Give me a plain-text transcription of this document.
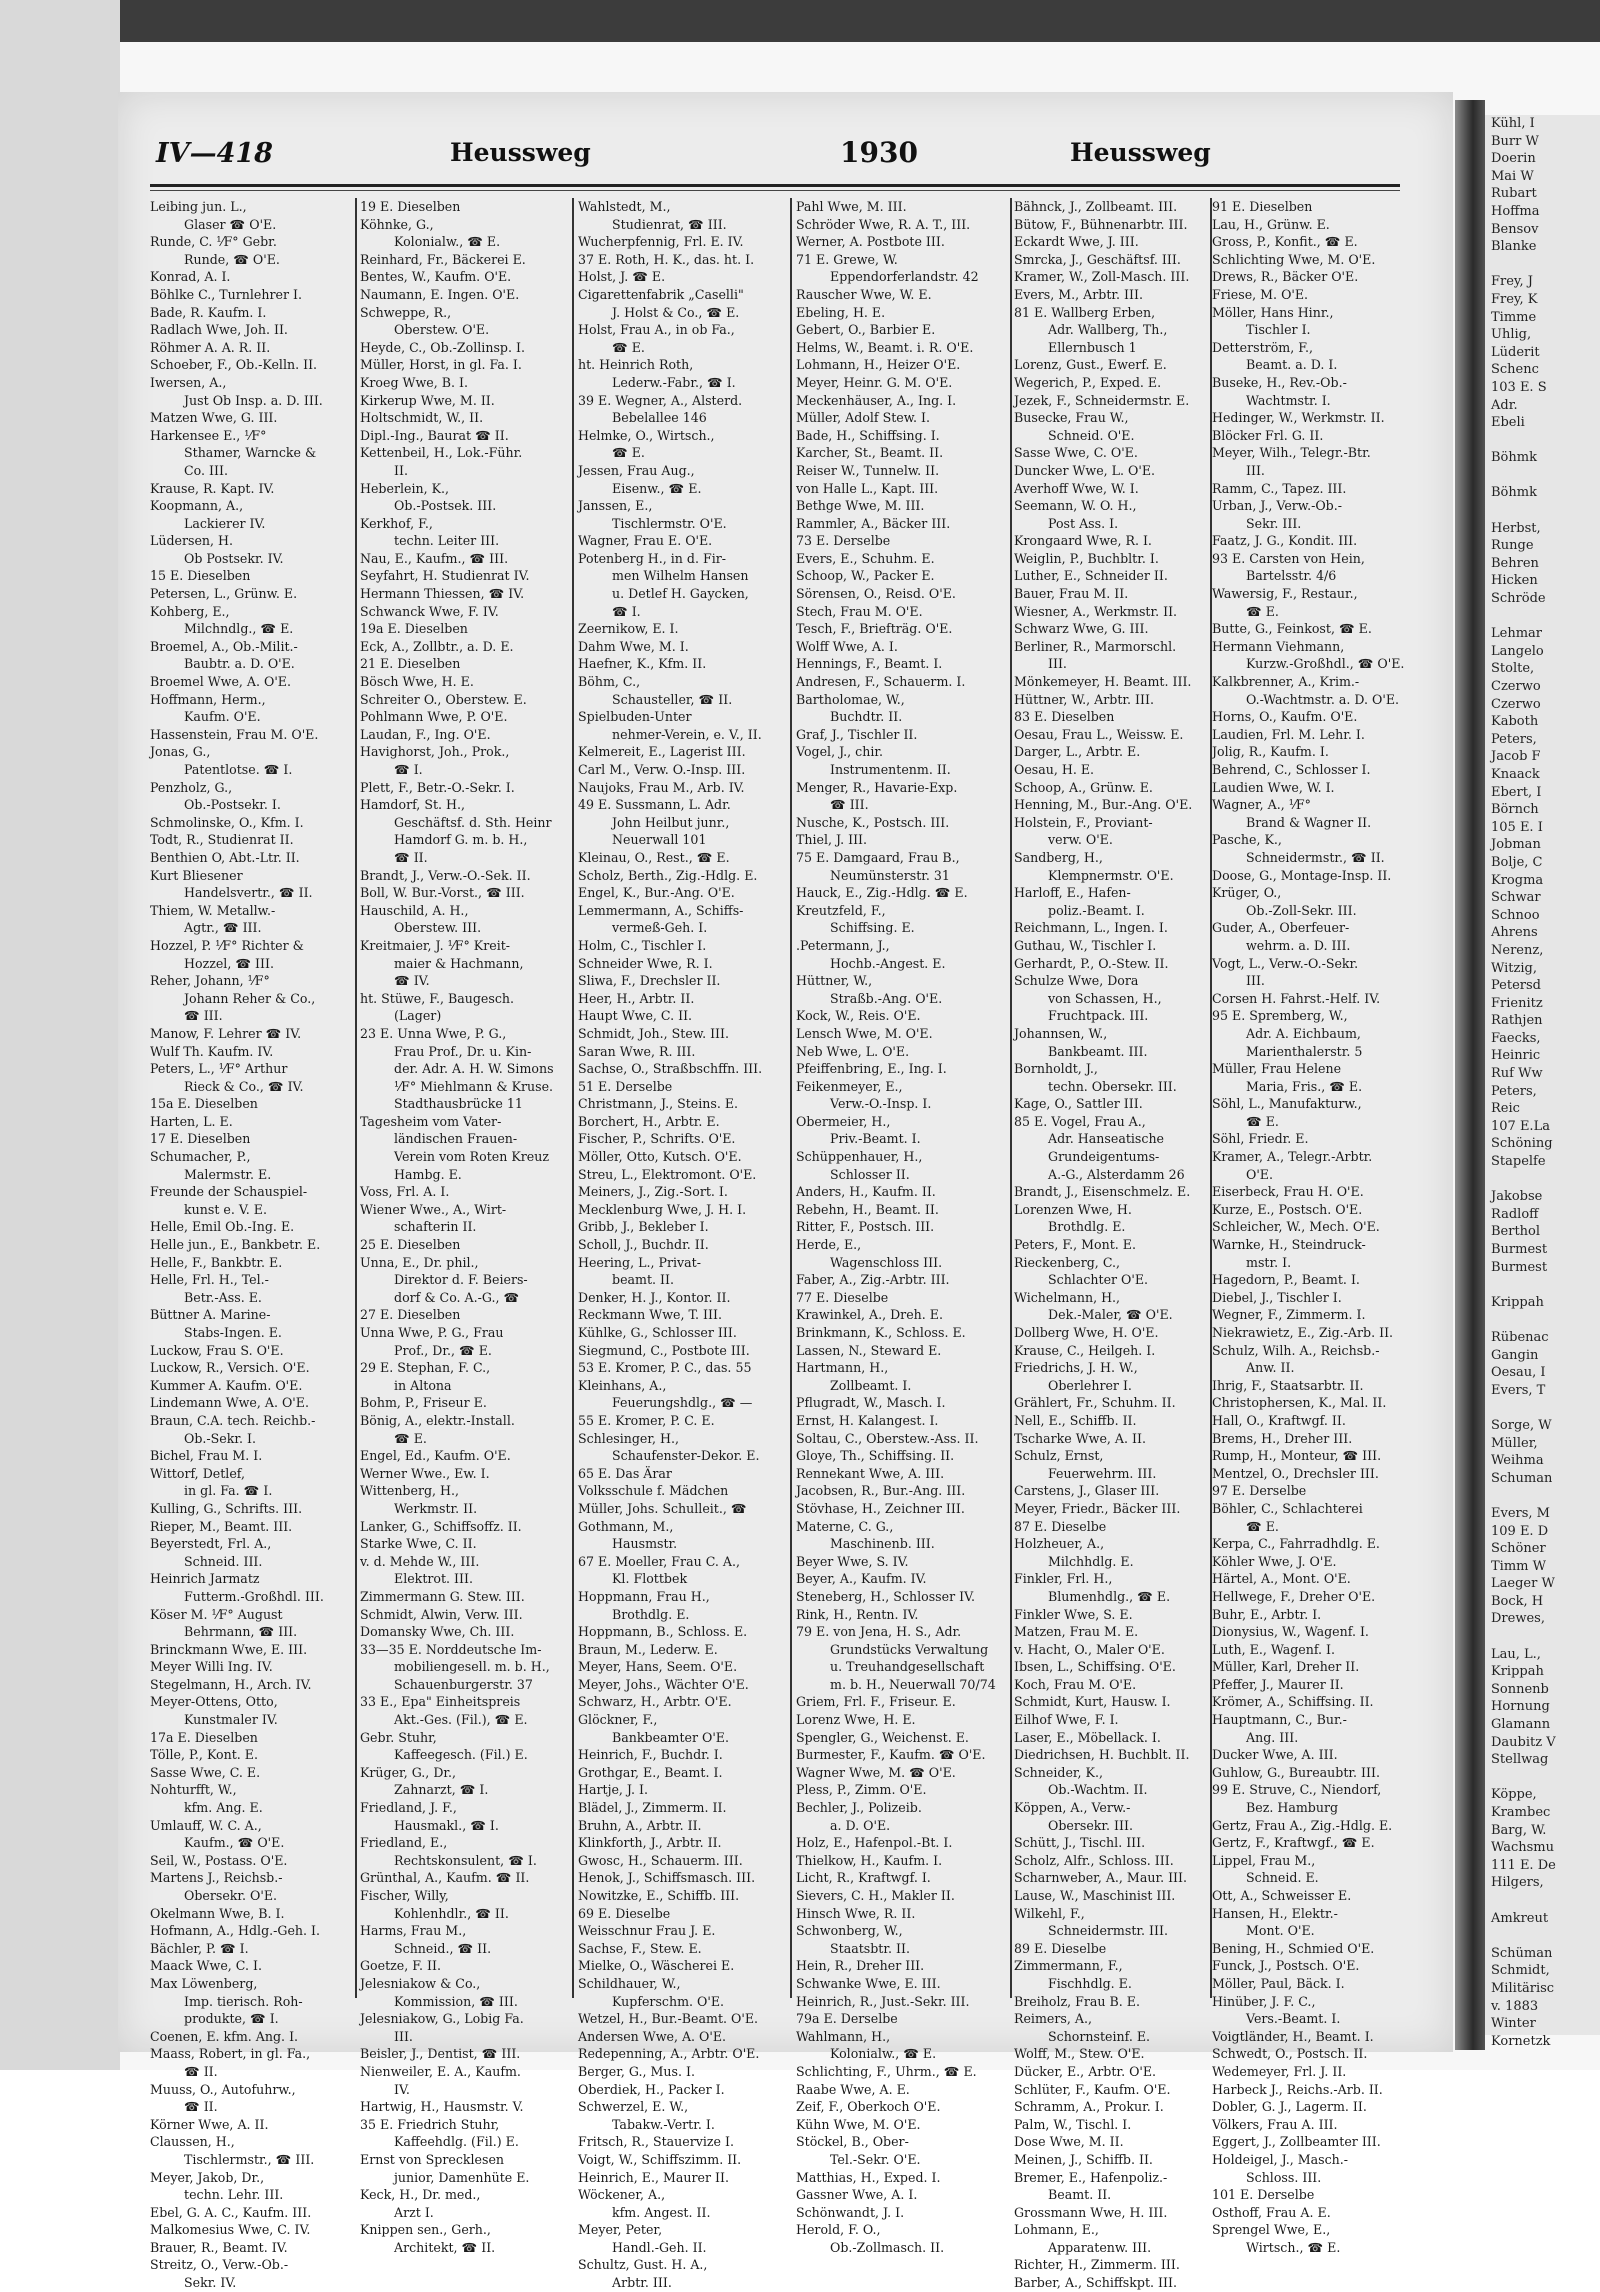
Kühl, I
Burr W
Doerin
Mai W
Rubart
Hoffma
Bensov
Blanke

Frey, J
Frey, K
Timme
Uhlig,
Lüderit
Schenc
103 E. S
Adr.
Ebeli

Böhmk

Böhmk

Herbst,
Runge
Behren
Hicken
Schröde

Lehmar
Langelo
Stolte,
Czerwo
Czerwo
Kaboth
Peters,
Jacob F
Knaack
Ebert, I
Börnch
105 E. I
Jobman
Bolje, C
Krogma
Schwar
Schnoo
Ahrens
Nerenz,
Witzig,
Petersd
Frienitz
Rathjen
Faecks,
Heinric
Ruf Ww
Peters,
Reic
107 E.La
Schöning
Stapelfe

Jakobse
Radloff
Berthol
Burmest
Burmest

Krippah

Rübenac
Gangin
Oesau, I
Evers, T

Sorge, W
Müller,
Weihma
Schuman

Evers, M
109 E. D
Schöner
Timm W
Laeger W
Bock, H
Drewes,

Lau, L.,
Krippah
Sonnenb
Hornung
Glamann
Daubitz V
Stellwag

Köppe,
Krambec
Barg, W.
Wachsmu
111 E. De
Hilgers,

Amkreut

Schüman
Schmidt,
Militärisc
v. 1883
Winter
Kornetzk

IV—418	Heussweg	1930	Heussweg
Leibing jun. L.,
Glaser ☎ O'E.
Runde, C. ⅟F° Gebr.
Runde, ☎ O'E.
Konrad, A. I.
Böhlke C., Turnlehrer I.
Bade, R. Kaufm. I.
Radlach Wwe, Joh. II.
Röhmer A. A. R. II.
Schoeber, F., Ob.-Kelln. II.
Iwersen, A.,
Just Ob Insp. a. D. III.
Matzen Wwe, G. III.
Harkensee E., ⅟F°
Sthamer, Warncke &
Co. III.
Krause, R. Kapt. IV.
Koopmann, A.,
Lackierer IV.
Lüdersen, H.
Ob Postsekr. IV.
15 E. Dieselben
Petersen, L., Grünw. E.
Kohberg, E.,
Milchndlg., ☎ E.
Broemel, A., Ob.-Milit.-
Baubtr. a. D. O'E.
Broemel Wwe, A. O'E.
Hoffmann, Herm.,
Kaufm. O'E.
Hassenstein, Frau M. O'E.
Jonas, G.,
Patentlotse. ☎ I.
Penzholz, G.,
Ob.-Postsekr. I.
Schmolinske, O., Kfm. I.
Todt, R., Studienrat II.
Benthien O, Abt.-Ltr. II.
Kurt Bliesener
Handelsvertr., ☎ II.
Thiem, W. Metallw.-
Agtr., ☎ III.
Hozzel, P. ⅟F° Richter &
Hozzel, ☎ III.
Reher, Johann, ⅟F°
Johann Reher & Co.,
☎ III.
Manow, F. Lehrer ☎ IV.
Wulf Th. Kaufm. IV.
Peters, L., ⅟F° Arthur
Rieck & Co., ☎ IV.
15a E. Dieselben
Harten, L. E.
17 E. Dieselben
Schumacher, P.,
Malermstr. E.
Freunde der Schauspiel-
kunst e. V. E.
Helle, Emil Ob.-Ing. E.
Helle jun., E., Bankbetr. E.
Helle, F., Bankbtr. E.
Helle, Frl. H., Tel.-
Betr.-Ass. E.
Büttner A. Marine-
Stabs-Ingen. E.
Luckow, Frau S. O'E.
Luckow, R., Versich. O'E.
Kummer A. Kaufm. O'E.
Lindemann Wwe, A. O'E.
Braun, C.A. tech. Reichb.-
Ob.-Sekr. I.
Bichel, Frau M. I.
Wittorf, Detlef,
in gl. Fa. ☎ I.
Kulling, G., Schrifts. III.
Rieper, M., Beamt. III.
Beyerstedt, Frl. A.,
Schneid. III.
Heinrich Jarmatz
Futterm.-Großhdl. III.
Köser M. ⅟F° August
Behrmann, ☎ III.
Brinckmann Wwe, E. III.
Meyer Willi Ing. IV.
Stegelmann, H., Arch. IV.
Meyer-Ottens, Otto,
Kunstmaler IV.
17a E. Dieselben
Tölle, P., Kont. E.
Sasse Wwe, C. E.
Nohturfft, W.,
kfm. Ang. E.
Umlauff, W. C. A.,
Kaufm., ☎ O'E.
Seil, W., Postass. O'E.
Martens J., Reichsb.-
Obersekr. O'E.
Okelmann Wwe, B. I.
Hofmann, A., Hdlg.-Geh. I.
Bächler, P. ☎ I.
Maack Wwe, C. I.
Max Löwenberg,
Imp. tierisch. Roh-
produkte, ☎ I.
Coenen, E. kfm. Ang. I.
Maass, Robert, in gl. Fa.,
☎ II.
Muuss, O., Autofuhrw.,
☎ II.
Körner Wwe, A. II.
Claussen, H.,
Tischlermstr., ☎ III.
Meyer, Jakob, Dr.,
techn. Lehr. III.
Ebel, G. A. C., Kaufm. III.
Malkomesius Wwe, C. IV.
Brauer, R., Beamt. IV.
Streitz, O., Verw.-Ob.-
Sekr. IV.
19 E. Dieselben
Köhnke, G.,
Kolonialw., ☎ E.
Reinhard, Fr., Bäckerei E.
Bentes, W., Kaufm. O'E.
Naumann, E. Ingen. O'E.
Schweppe, R.,
Oberstew. O'E.
Heyde, C., Ob.-Zollinsp. I.
Müller, Horst, in gl. Fa. I.
Kroeg Wwe, B. I.
Kirkerup Wwe, M. II.
Holtschmidt, W., II.
Dipl.-Ing., Baurat ☎ II.
Kettenbeil, H., Lok.-Führ.
II.
Heberlein, K.,
Ob.-Postsek. III.
Kerkhof, F.,
techn. Leiter III.
Nau, E., Kaufm., ☎ III.
Seyfahrt, H. Studienrat IV.
Hermann Thiessen, ☎ IV.
Schwanck Wwe, F. IV.
19a E. Dieselben
Eck, A., Zollbtr., a. D. E.
21 E. Dieselben
Bösch Wwe, H. E.
Schreiter O., Oberstew. E.
Pohlmann Wwe, P. O'E.
Laudan, F., Ing. O'E.
Havighorst, Joh., Prok.,
☎ I.
Plett, F., Betr.-O.-Sekr. I.
Hamdorf, St. H.,
Geschäftsf. d. Sth. Heinr
Hamdorf G. m. b. H.,
☎ II.
Brandt, J., Verw.-O.-Sek. II.
Boll, W. Bur.-Vorst., ☎ III.
Hauschild, A. H.,
Oberstew. III.
Kreitmaier, J. ⅟F° Kreit-
maier & Hachmann,
☎ IV.
ht. Stüwe, F., Baugesch.
(Lager)
23 E. Unna Wwe, P. G.,
Frau Prof., Dr. u. Kin-
der. Adr. A. H. W. Simons
⅟F° Miehlmann & Kruse.
Stadthausbrücke 11
Tagesheim vom Vater-
ländischen Frauen-
Verein vom Roten Kreuz
Hambg. E.
Voss, Frl. A. I.
Wiener Wwe., A., Wirt-
schafterin II.
25 E. Dieselben
Unna, E., Dr. phil.,
Direktor d. F. Beiers-
dorf & Co. A.-G., ☎
27 E. Dieselben
Unna Wwe, P. G., Frau
Prof., Dr., ☎ E.
29 E. Stephan, F. C.,
in Altona
Bohm, P., Friseur E.
Bönig, A., elektr.-Install.
☎ E.
Engel, Ed., Kaufm. O'E.
Werner Wwe., Ew. I.
Wittenberg, H.,
Werkmstr. II.
Lanker, G., Schiffsoffz. II.
Starke Wwe, C. II.
v. d. Mehde W., III.
Elektrot. III.
Zimmermann G. Stew. III.
Schmidt, Alwin, Verw. III.
Domansky Wwe, Ch. III.
33—35 E. Norddeutsche Im-
mobiliengesell. m. b. H.,
Schauenburgerstr. 37
33 E., Epa" Einheitspreis
Akt.-Ges. (Fil.), ☎ E.
Gebr. Stuhr,
Kaffeegesch. (Fil.) E.
Krüger, G., Dr.,
Zahnarzt, ☎ I.
Friedland, J. F.,
Hausmakl., ☎ I.
Friedland, E.,
Rechtskonsulent, ☎ I.
Grünthal, A., Kaufm. ☎ II.
Fischer, Willy,
Kohlenhdlr., ☎ II.
Harms, Frau M.,
Schneid., ☎ II.
Goetze, F. II.
Jelesniakow & Co.,
Kommission, ☎ III.
Jelesniakow, G., Lobig Fa.
III.
Beisler, J., Dentist, ☎ III.
Nienweiler, E. A., Kaufm.
IV.
Hartwig, H., Hausmstr. V.
35 E. Friedrich Stuhr,
Kaffeehdlg. (Fil.) E.
Ernst von Sprecklesen
junior, Damenhüte E.
Keck, H., Dr. med.,
Arzt I.
Knippen sen., Gerh.,
Architekt, ☎ II.
Wahlstedt, M.,
Studienrat, ☎ III.
Wucherpfennig, Frl. E. IV.
37 E. Roth, H. K., das. ht. I.
Holst, J. ☎ E.
Cigarettenfabrik „Caselli"
J. Holst & Co., ☎ E.
Holst, Frau A., in ob Fa.,
☎ E.
ht. Heinrich Roth,
Lederw.-Fabr., ☎ I.
39 E. Wegner, A., Alsterd.
Bebelallee 146
Helmke, O., Wirtsch.,
☎ E.
Jessen, Frau Aug.,
Eisenw., ☎ E.
Janssen, E.,
Tischlermstr. O'E.
Wagner, Frau E. O'E.
Potenberg H., in d. Fir-
men Wilhelm Hansen
u. Detlef H. Gaycken,
☎ I.
Zeernikow, E. I.
Dahm Wwe, M. I.
Haefner, K., Kfm. II.
Böhm, C.,
Schausteller, ☎ II.
Spielbuden-Unter
nehmer-Verein, e. V., II.
Kelmereit, E., Lagerist III.
Carl M., Verw. O.-Insp. III.
Naujoks, Frau M., Arb. IV.
49 E. Sussmann, L. Adr.
John Heilbut junr.,
Neuerwall 101
Kleinau, O., Rest., ☎ E.
Scholz, Berth., Zig.-Hdlg. E.
Engel, K., Bur.-Ang. O'E.
Lemmermann, A., Schiffs-
vermeß-Geh. I.
Holm, C., Tischler I.
Schneider Wwe, R. I.
Sliwa, F., Drechsler II.
Heer, H., Arbtr. II.
Haupt Wwe, C. II.
Schmidt, Joh., Stew. III.
Saran Wwe, R. III.
Sachse, O., Straßbschffn. III.
51 E. Derselbe
Christmann, J., Steins. E.
Borchert, H., Arbtr. E.
Fischer, P., Schrifts. O'E.
Möller, Otto, Kutsch. O'E.
Streu, L., Elektromont. O'E.
Meiners, J., Zig.-Sort. I.
Mecklenburg Wwe, J. H. I.
Gribb, J., Bekleber I.
Scholl, J., Buchdr. II.
Heering, L., Privat-
beamt. II.
Denker, H. J., Kontor. II.
Reckmann Wwe, T. III.
Kühlke, G., Schlosser III.
Siegmund, C., Postbote III.
53 E. Kromer, P. C., das. 55
Kleinhans, A.,
Feuerungshdlg., ☎ —
55 E. Kromer, P. C. E.
Schlesinger, H.,
Schaufenster-Dekor. E.
65 E. Das Ärar
Volksschule f. Mädchen
Müller, Johs. Schulleit., ☎
Gothmann, M.,
Hausmstr.
67 E. Moeller, Frau C. A.,
Kl. Flottbek
Hoppmann, Frau H.,
Brothdlg. E.
Hoppmann, B., Schloss. E.
Braun, M., Lederw. E.
Meyer, Hans, Seem. O'E.
Meyer, Johs., Wächter O'E.
Schwarz, H., Arbtr. O'E.
Glöckner, F.,
Bankbeamter O'E.
Heinrich, F., Buchdr. I.
Grothgar, E., Beamt. I.
Hartje, J. I.
Blädel, J., Zimmerm. II.
Bruhn, A., Arbtr. II.
Klinkforth, J., Arbtr. II.
Gwosc, H., Schauerm. III.
Henok, J., Schiffsmasch. III.
Nowitzke, E., Schiffb. III.
69 E. Dieselbe
Weisschnur Frau J. E.
Sachse, F., Stew. E.
Mielke, O., Wäscherei E.
Schildhauer, W.,
Kupferschm. O'E.
Wetzel, H., Bur.-Beamt. O'E.
Andersen Wwe, A. O'E.
Redepenning, A., Arbtr. O'E.
Berger, G., Mus. I.
Oberdiek, H., Packer I.
Schwerzel, E. W.,
Tabakw.-Vertr. I.
Fritsch, R., Stauervize I.
Voigt, W., Schiffszimm. II.
Heinrich, E., Maurer II.
Wöckener, A.,
kfm. Angest. II.
Meyer, Peter,
Handl.-Geh. II.
Schultz, Gust. H. A.,
Arbtr. III.
Pahl Wwe, M. III.
Schröder Wwe, R. A. T., III.
Werner, A. Postbote III.
71 E. Grewe, W.
Eppendorferlandstr. 42
Rauscher Wwe, W. E.
Ebeling, H. E.
Gebert, O., Barbier E.
Helms, W., Beamt. i. R. O'E.
Lohmann, H., Heizer O'E.
Meyer, Heinr. G. M. O'E.
Meckenhäuser, A., Ing. I.
Müller, Adolf Stew. I.
Bade, H., Schiffsing. I.
Karcher, St., Beamt. II.
Reiser W., Tunnelw. II.
von Halle L., Kapt. III.
Bethge Wwe, M. III.
Rammler, A., Bäcker III.
73 E. Derselbe
Evers, E., Schuhm. E.
Schoop, W., Packer E.
Sörensen, O., Reisd. O'E.
Stech, Frau M. O'E.
Tesch, F., Briefträg. O'E.
Wolff Wwe, A. I.
Hennings, F., Beamt. I.
Andresen, F., Schauerm. I.
Bartholomae, W.,
Buchdtr. II.
Graf, J., Tischler II.
Vogel, J., chir.
Instrumentenm. II.
Menger, R., Havarie-Exp.
☎ III.
Nusche, K., Postsch. III.
Thiel, J. III.
75 E. Damgaard, Frau B.,
Neumünsterstr. 31
Hauck, E., Zig.-Hdlg. ☎ E.
Kreutzfeld, F.,
Schiffsing. E.
.Petermann, J.,
Hochb.-Angest. E.
Hüttner, W.,
Straßb.-Ang. O'E.
Kock, W., Reis. O'E.
Lensch Wwe, M. O'E.
Neb Wwe, L. O'E.
Pfeiffenbring, E., Ing. I.
Feikenmeyer, E.,
Verw.-O.-Insp. I.
Obermeier, H.,
Priv.-Beamt. I.
Schüppenhauer, H.,
Schlosser II.
Anders, H., Kaufm. II.
Rebehn, H., Beamt. II.
Ritter, F., Postsch. III.
Herde, E.,
Wagenschloss III.
Faber, A., Zig.-Arbtr. III.
77 E. Dieselbe
Krawinkel, A., Dreh. E.
Brinkmann, K., Schloss. E.
Lassen, N., Steward E.
Hartmann, H.,
Zollbeamt. I.
Pflugradt, W., Masch. I.
Ernst, H. Kalangest. I.
Soltau, C., Oberstew.-Ass. II.
Gloye, Th., Schiffsing. II.
Rennekant Wwe, A. III.
Jacobsen, R., Bur.-Ang. III.
Stövhase, H., Zeichner III.
Materne, C. G.,
Maschinenb. III.
Beyer Wwe, S. IV.
Beyer, A., Kaufm. IV.
Steneberg, H., Schlosser IV.
Rink, H., Rentn. IV.
79 E. von Jena, H. S., Adr.
Grundstücks Verwaltung
u. Treuhandgesellschaft
m. b. H., Neuerwall 70/74
Griem, Frl. F., Friseur. E.
Lorenz Wwe, H. E.
Spengler, G., Weichenst. E.
Burmester, F., Kaufm. ☎ O'E.
Wagner Wwe, M. ☎ O'E.
Pless, P., Zimm. O'E.
Bechler, J., Polizeib.
a. D. O'E.
Holz, E., Hafenpol.-Bt. I.
Thielkow, H., Kaufm. I.
Licht, R., Kraftwgf. I.
Sievers, C. H., Makler II.
Hinsch Wwe, R. II.
Schwonberg, W.,
Staatsbtr. II.
Hein, R., Dreher III.
Schwanke Wwe, E. III.
Heinrich, R., Just.-Sekr. III.
79a E. Derselbe
Wahlmann, H.,
Kolonialw., ☎ E.
Schlichting, F., Uhrm., ☎ E.
Raabe Wwe, A. E.
Zeif, F., Oberkoch O'E.
Kühn Wwe, M. O'E.
Stöckel, B., Ober-
Tel.-Sekr. O'E.
Matthias, H., Exped. I.
Gassner Wwe, A. I.
Schönwandt, J. I.
Herold, F. O.,
Ob.-Zollmasch. II.
Bähnck, J., Zollbeamt. III.
Bütow, F., Bühnenarbtr. III.
Eckardt Wwe, J. III.
Smrcka, J., Geschäftsf. III.
Kramer, W., Zoll-Masch. III.
Evers, M., Arbtr. III.
81 E. Wallberg Erben,
Adr. Wallberg, Th.,
Ellernbusch 1
Lorenz, Gust., Ewerf. E.
Wegerich, P., Exped. E.
Jezek, F., Schneidermstr. E.
Busecke, Frau W.,
Schneid. O'E.
Sasse Wwe, C. O'E.
Duncker Wwe, L. O'E.
Averhoff Wwe, W. I.
Seemann, W. O. H.,
Post Ass. I.
Krongaard Wwe, R. I.
Weiglin, P., Buchbltr. I.
Luther, E., Schneider II.
Bauer, Frau M. II.
Wiesner, A., Werkmstr. II.
Schwarz Wwe, G. III.
Berliner, R., Marmorschl.
III.
Mönkemeyer, H. Beamt. III.
Hüttner, W., Arbtr. III.
83 E. Dieselben
Oesau, Frau L., Weissw. E.
Darger, L., Arbtr. E.
Oesau, H. E.
Schoop, A., Grünw. E.
Henning, M., Bur.-Ang. O'E.
Holstein, F., Proviant-
verw. O'E.
Sandberg, H.,
Klempnermstr. O'E.
Harloff, E., Hafen-
poliz.-Beamt. I.
Reichmann, L., Ingen. I.
Guthau, W., Tischler I.
Gerhardt, P., O.-Stew. II.
Schulze Wwe, Dora
von Schassen, H.,
Fruchtpack. III.
Johannsen, W.,
Bankbeamt. III.
Bornholdt, J.,
techn. Obersekr. III.
Kage, O., Sattler III.
85 E. Vogel, Frau A.,
Adr. Hanseatische
Grundeigentums-
A.-G., Alsterdamm 26
Brandt, J., Eisenschmelz. E.
Lorenzen Wwe, H.
Brothdlg. E.
Peters, F., Mont. E.
Rieckenberg, C.,
Schlachter O'E.
Wichelmann, H.,
Dek.-Maler, ☎ O'E.
Dollberg Wwe, H. O'E.
Krause, C., Heilgeh. I.
Friedrichs, J. H. W.,
Oberlehrer I.
Grählert, Fr., Schuhm. II.
Nell, E., Schiffb. II.
Tscharke Wwe, A. II.
Schulz, Ernst,
Feuerwehrm. III.
Carstens, J., Glaser III.
Meyer, Friedr., Bäcker III.
87 E. Dieselbe
Holzheuer, A.,
Milchhdlg. E.
Finkler, Frl. H.,
Blumenhdlg., ☎ E.
Finkler Wwe, S. E.
Matzen, Frau M. E.
v. Hacht, O., Maler O'E.
Ibsen, L., Schiffsing. O'E.
Koch, Frau M. O'E.
Schmidt, Kurt, Hausw. I.
Eilhof Wwe, F. I.
Laser, E., Möbellack. I.
Diedrichsen, H. Buchblt. II.
Schneider, K.,
Ob.-Wachtm. II.
Köppen, A., Verw.-
Obersekr. III.
Schütt, J., Tischl. III.
Scholz, Alfr., Schloss. III.
Scharnweber, A., Maur. III.
Lause, W., Maschinist III.
Wilkehl, F.,
Schneidermstr. III.
89 E. Dieselbe
Zimmermann, F.,
Fischhdlg. E.
Breiholz, Frau B. E.
Reimers, A.,
Schornsteinf. E.
Wolff, M., Stew. O'E.
Dücker, E., Arbtr. O'E.
Schlüter, F., Kaufm. O'E.
Schramm, A., Prokur. I.
Palm, W., Tischl. I.
Dose Wwe, M. II.
Meinen, J., Schiffb. II.
Bremer, E., Hafenpoliz.-
Beamt. II.
Grossmann Wwe, H. III.
Lohmann, E.,
Apparatenw. III.
Richter, H., Zimmerm. III.
Barber, A., Schiffskpt. III.
91 E. Dieselben
Lau, H., Grünw. E.
Gross, P., Konfit., ☎ E.
Schlichting Wwe, M. O'E.
Drews, R., Bäcker O'E.
Friese, M. O'E.
Möller, Hans Hinr.,
Tischler I.
Detterström, F.,
Beamt. a. D. I.
Buseke, H., Rev.-Ob.-
Wachtmstr. I.
Hedinger, W., Werkmstr. II.
Blöcker Frl. G. II.
Meyer, Wilh., Telegr.-Btr.
III.
Ramm, C., Tapez. III.
Urban, J., Verw.-Ob.-
Sekr. III.
Faatz, J. G., Kondit. III.
93 E. Carsten von Hein,
Bartelsstr. 4/6
Wawersig, F., Restaur.,
☎ E.
Butte, G., Feinkost, ☎ E.
Hermann Viehmann,
Kurzw.-Großhdl., ☎ O'E.
Kalkbrenner, A., Krim.-
O.-Wachtmstr. a. D. O'E.
Horns, O., Kaufm. O'E.
Laudien, Frl. M. Lehr. I.
Jolig, R., Kaufm. I.
Behrend, C., Schlosser I.
Laudien Wwe, W. I.
Wagner, A., ⅟F°
Brand & Wagner II.
Pasche, K.,
Schneidermstr., ☎ II.
Doose, G., Montage-Insp. II.
Krüger, O.,
Ob.-Zoll-Sekr. III.
Guder, A., Oberfeuer-
wehrm. a. D. III.
Vogt, L., Verw.-O.-Sekr.
III.
Corsen H. Fahrst.-Helf. IV.
95 E. Spremberg, W.,
Adr. A. Eichbaum,
Marienthalerstr. 5
Müller, Frau Helene
Maria, Fris., ☎ E.
Söhl, L., Manufakturw.,
☎ E.
Söhl, Friedr. E.
Kramer, A., Telegr.-Arbtr.
O'E.
Eiserbeck, Frau H. O'E.
Kurze, E., Postsch. O'E.
Schleicher, W., Mech. O'E.
Warnke, H., Steindruck-
mstr. I.
Hagedorn, P., Beamt. I.
Diebel, J., Tischler I.
Wegner, F., Zimmerm. I.
Niekrawietz, E., Zig.-Arb. II.
Schulz, Wilh. A., Reichsb.-
Anw. II.
Ihrig, F., Staatsarbtr. II.
Christophersen, K., Mal. II.
Hall, O., Kraftwgf. II.
Brems, H., Dreher III.
Rump, H., Monteur, ☎ III.
Mentzel, O., Drechsler III.
97 E. Derselbe
Böhler, C., Schlachterei
☎ E.
Kerpa, C., Fahrradhdlg. E.
Köhler Wwe, J. O'E.
Härtel, A., Mont. O'E.
Hellwege, F., Dreher O'E.
Buhr, E., Arbtr. I.
Dionysius, W., Wagenf. I.
Luth, E., Wagenf. I.
Müller, Karl, Dreher II.
Pfeffer, J., Maurer II.
Krömer, A., Schiffsing. II.
Hauptmann, C., Bur.-
Ang. III.
Ducker Wwe, A. III.
Guhlow, G., Bureaubtr. III.
99 E. Struve, C., Niendorf,
Bez. Hamburg
Gertz, Frau A., Zig.-Hdlg. E.
Gertz, F., Kraftwgf., ☎ E.
Lippel, Frau M.,
Schneid. E.
Ott, A., Schweisser E.
Hansen, H., Elektr.-
Mont. O'E.
Bening, H., Schmied O'E.
Funck, J., Postsch. O'E.
Möller, Paul, Bäck. I.
Hinüber, J. F. C.,
Vers.-Beamt. I.
Voigtländer, H., Beamt. I.
Schwedt, O., Postsch. II.
Wedemeyer, Frl. J. II.
Harbeck J., Reichs.-Arb. II.
Dobler, G. J., Lagerm. II.
Völkers, Frau A. III.
Eggert, J., Zollbeamter III.
Holdeigel, J., Masch.-
Schloss. III.
101 E. Derselbe
Osthoff, Frau A. E.
Sprengel Wwe, E.,
Wirtsch., ☎ E.
